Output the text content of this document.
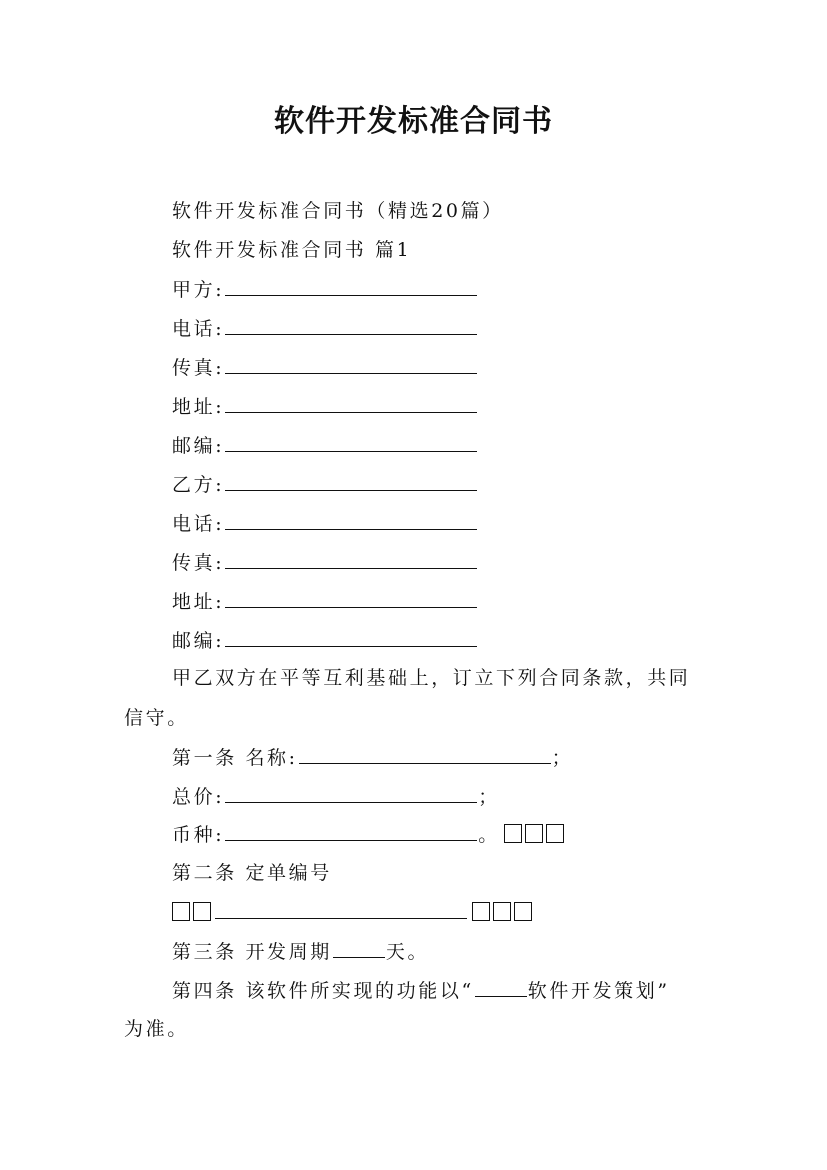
软件开发标准合同书
软件开发标准合同书（精选20篇）
软件开发标准合同书 篇1
甲方:
电话:
传真:
地址:
邮编:
乙方:
电话:
传真:
地址:
邮编:
甲乙双方在平等互利基础上，订立下列合同条款，共同
信守。
第一条 名称:	；
总价:	；
币种:	。
第二条 定单编号
第三条 开发周期	天。
第四条 该软件所实现的功能以“	软件开发策划”
为准。
